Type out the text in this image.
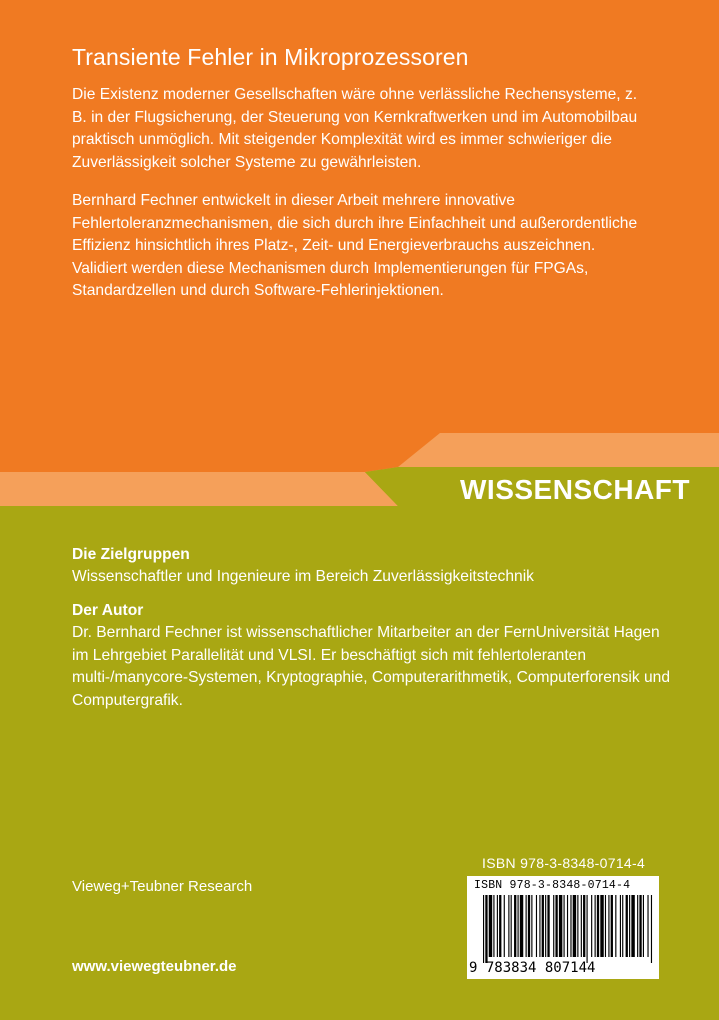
Transiente Fehler in Mikroprozessoren

Die Existenz moderner Gesellschaften wäre ohne verlässliche Rechensysteme, z. B. in der Flugsicherung, der Steuerung von Kernkraftwerken und im Automobilbau praktisch unmöglich. Mit steigender Komplexität wird es immer schwieriger die Zuverlässigkeit solcher Systeme zu gewährleisten.

Bernhard Fechner entwickelt in dieser Arbeit mehrere innovative Fehlertoleranzmechanismen, die sich durch ihre Einfachheit und außerordentliche Effizienz hinsichtlich ihres Platz-, Zeit- und Energieverbrauchs auszeichnen. Validiert werden diese Mechanismen durch Implementierungen für FPGAs, Standardzellen und durch Software-Fehlerinjektionen.

WISSENSCHAFT
Die Zielgruppen

Wissenschaftler und Ingenieure im Bereich Zuverlässigkeitstechnik

Der Autor

Dr. Bernhard Fechner ist wissenschaftlicher Mitarbeiter an der FernUniversität Hagen im Lehrgebiet Parallelität und VLSI. Er beschäftigt sich mit fehlertoleranten multi-/manycore-Systemen, Kryptographie, Computerarithmetik, Computerforensik und Computergrafik.

Vieweg+Teubner Research
www.viewegteubner.de
ISBN 978-3-8348-0714-4
ISBN 978-3-8348-0714-4
9 783834 807144
